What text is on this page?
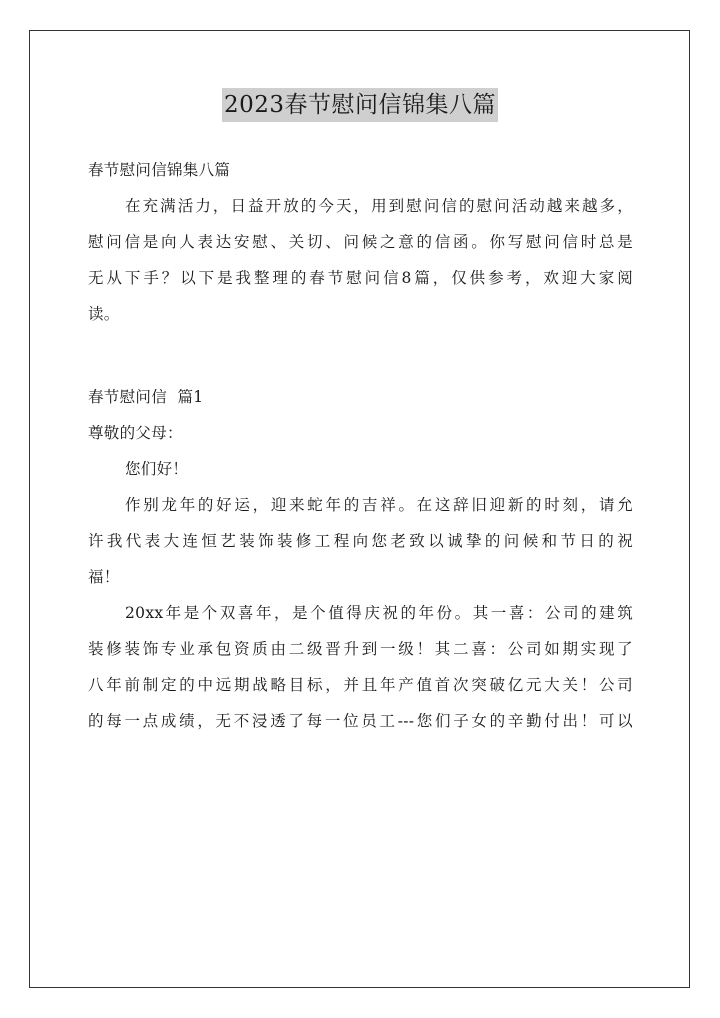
2023春节慰问信锦集八篇
春节慰问信锦集八篇
在充满活力，日益开放的今天，用到慰问信的慰问活动越来越多，
慰问信是向人表达安慰、关切、问候之意的信函。你写慰问信时总是
无从下手？以下是我整理的春节慰问信8篇，仅供参考，欢迎大家阅
读。
春节慰问信  篇1
尊敬的父母：
您们好！
作别龙年的好运，迎来蛇年的吉祥。在这辞旧迎新的时刻，请允
许我代表大连恒艺装饰装修工程向您老致以诚挚的问候和节日的祝
福！
20xx年是个双喜年，是个值得庆祝的年份。其一喜：公司的建筑
装修装饰专业承包资质由二级晋升到一级！其二喜：公司如期实现了
八年前制定的中远期战略目标，并且年产值首次突破亿元大关！公司
的每一点成绩，无不浸透了每一位员工---您们子女的辛勤付出！可以
